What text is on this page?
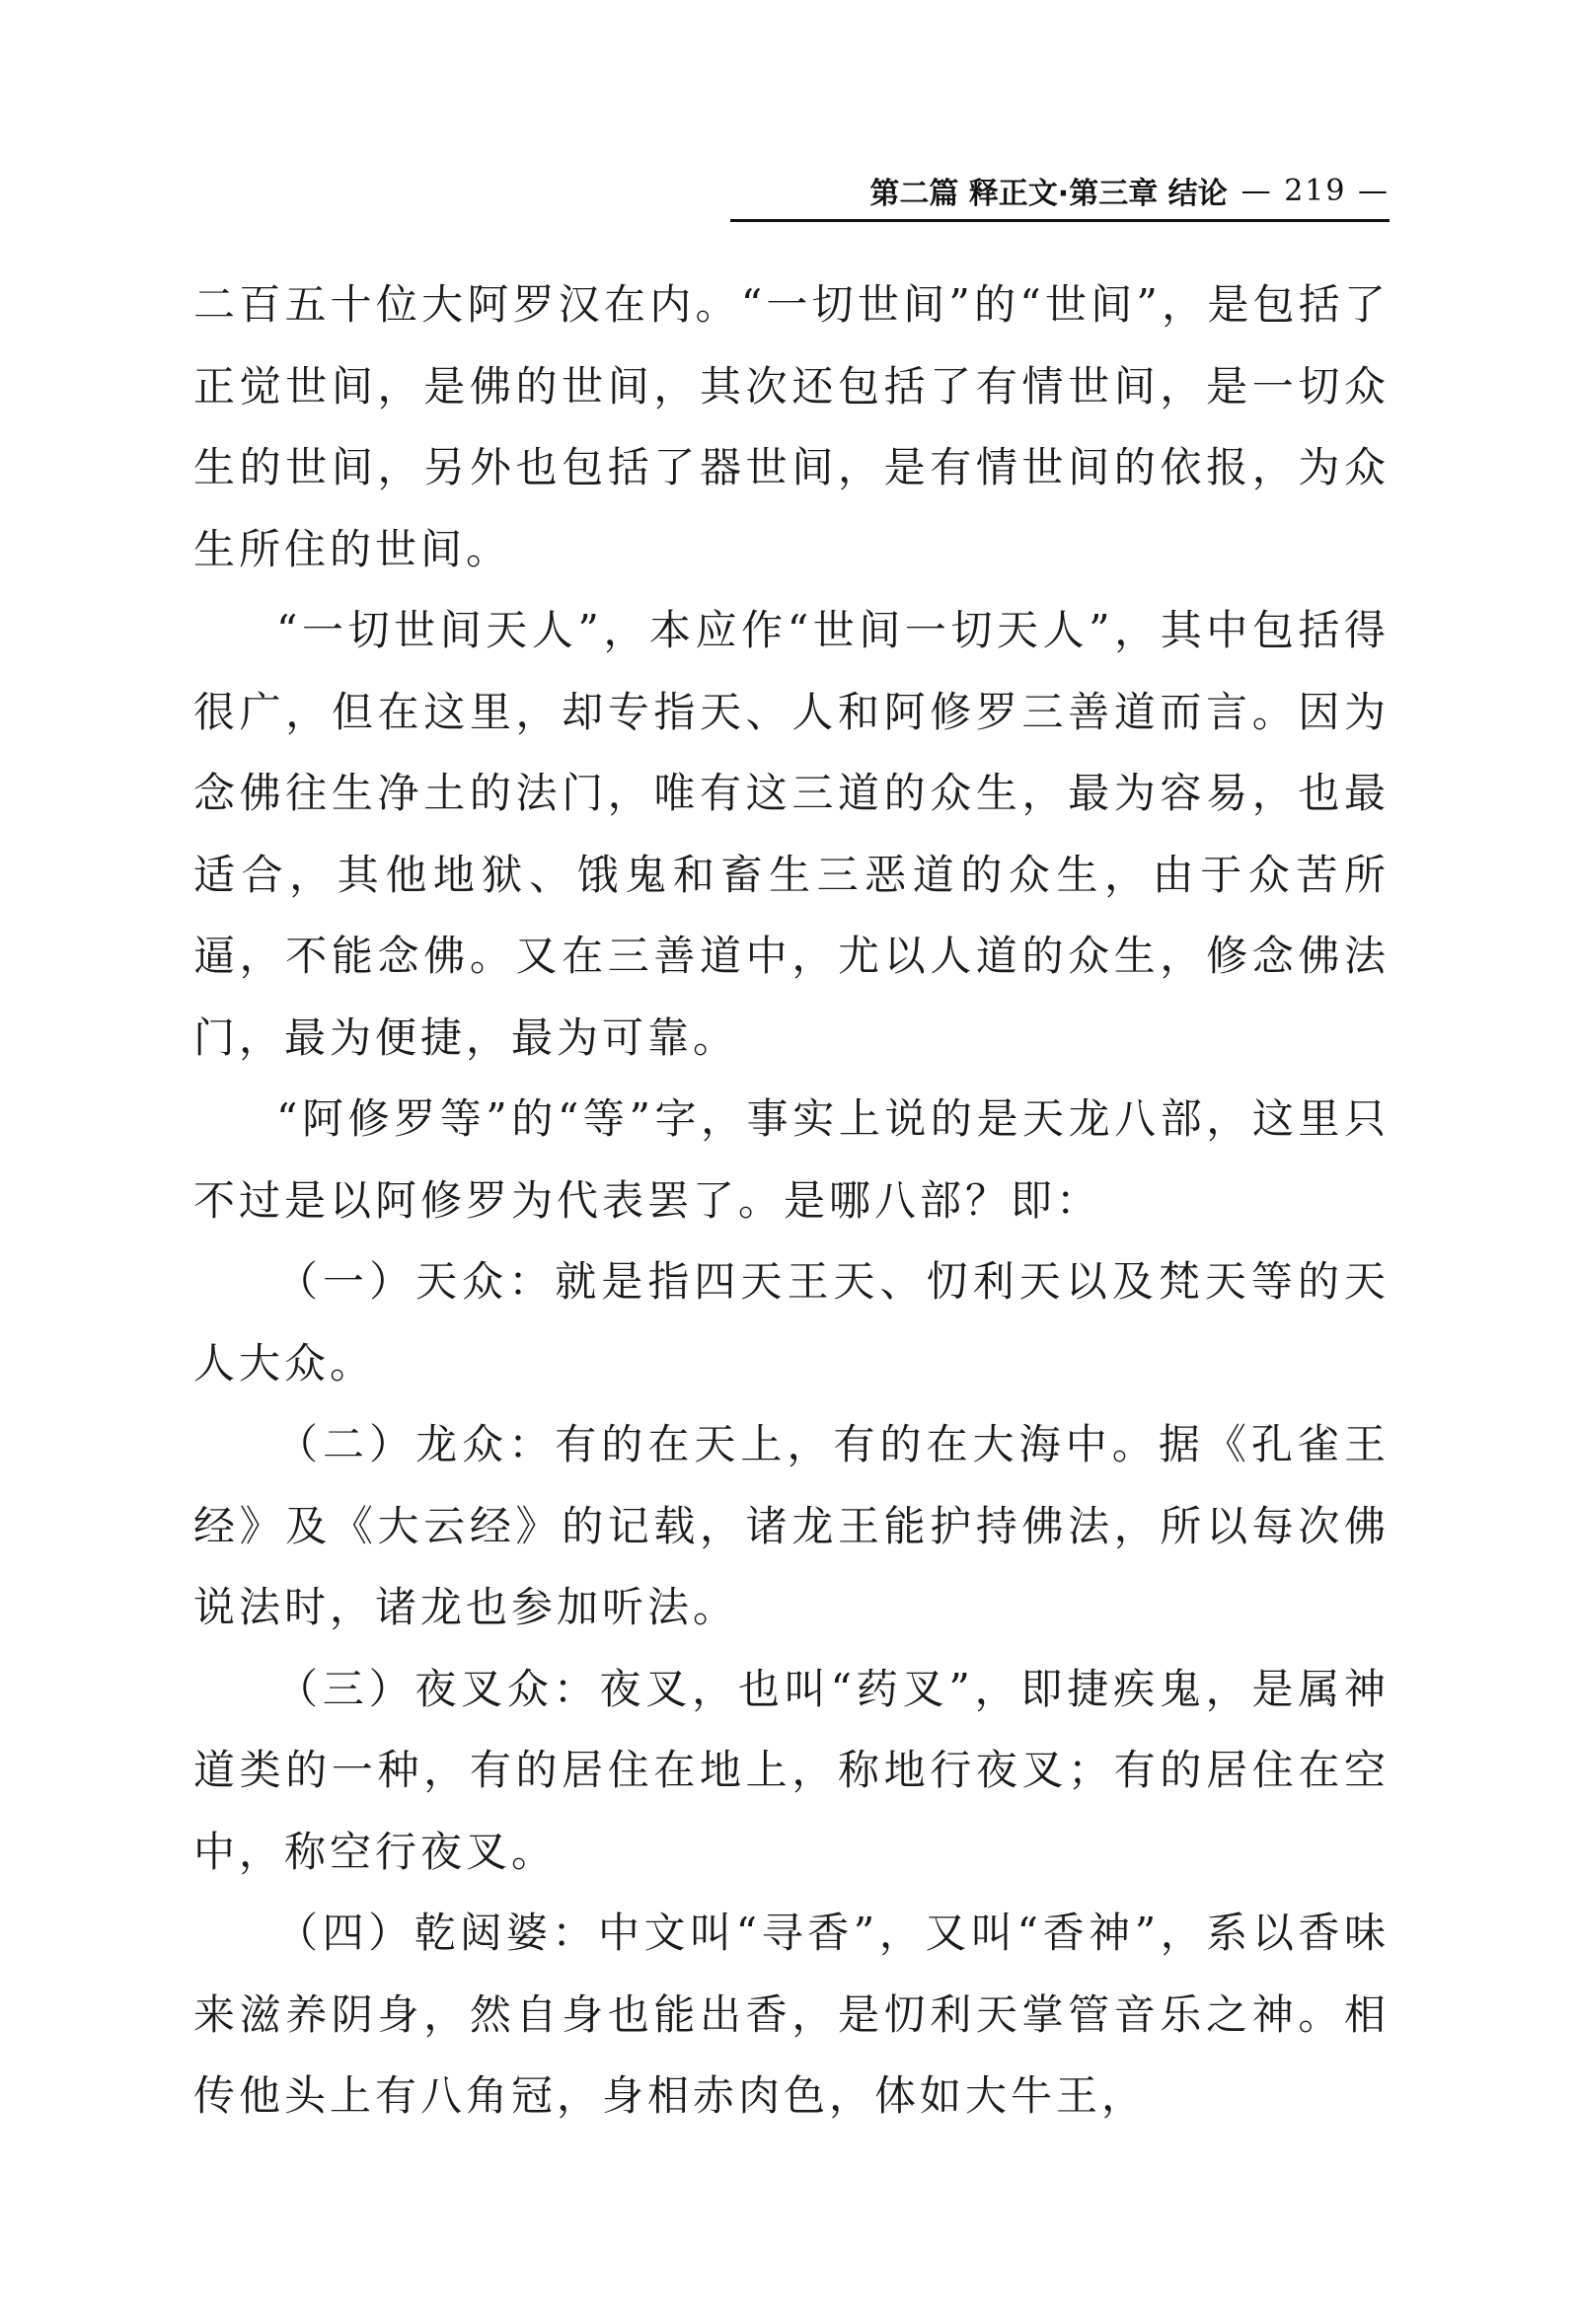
第二篇 释正文·第三章 结论 — 219 —

二百五十位大阿罗汉在内。“一切世间”的“世间”，是包括了正觉世间，是佛的世间，其次还包括了有情世间，是一切众生的世间，另外也包括了器世间，是有情世间的依报，为众生所住的世间。

“一切世间天人”，本应作“世间一切天人”，其中包括得很广，但在这里，却专指天、人和阿修罗三善道而言。因为念佛往生净土的法门，唯有这三道的众生，最为容易，也最适合，其他地狱、饿鬼和畜生三恶道的众生，由于众苦所逼，不能念佛。又在三善道中，尤以人道的众生，修念佛法门，最为便捷，最为可靠。

“阿修罗等”的“等”字，事实上说的是天龙八部，这里只不过是以阿修罗为代表罢了。是哪八部？即：

（一）天众：就是指四天王天、忉利天以及梵天等的天人大众。

（二）龙众：有的在天上，有的在大海中。据《孔雀王经》及《大云经》的记载，诸龙王能护持佛法，所以每次佛说法时，诸龙也参加听法。

（三）夜叉众：夜叉，也叫“药叉”，即捷疾鬼，是属神道类的一种，有的居住在地上，称地行夜叉；有的居住在空中，称空行夜叉。

（四）乾闼婆：中文叫“寻香”，又叫“香神”，系以香味来滋养阴身，然自身也能出香，是忉利天掌管音乐之神。相传他头上有八角冠，身相赤肉色，体如大牛王，
